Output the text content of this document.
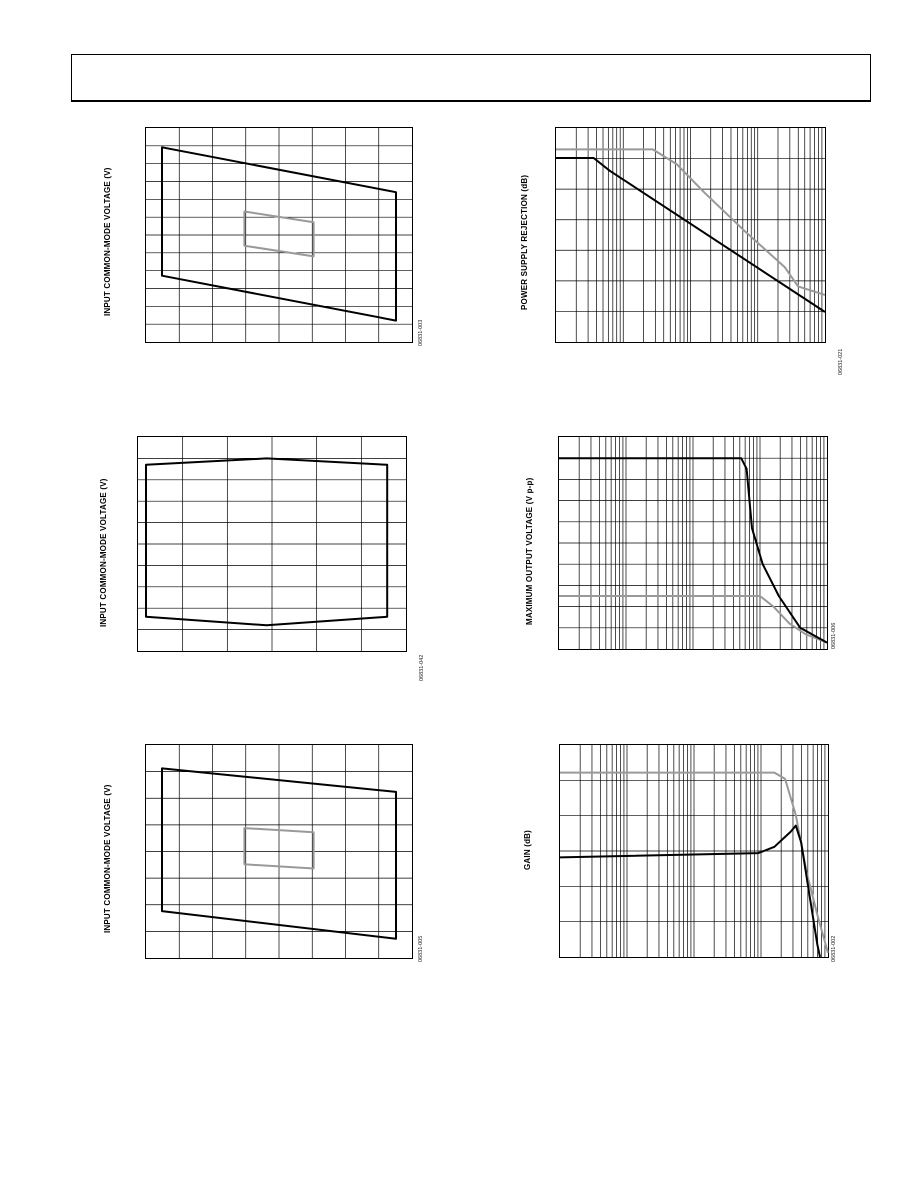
INPUT COMMON-MODE VOLTAGE (V)
06831-003
INPUT COMMON-MODE VOLTAGE (V)
06831-042
INPUT COMMON-MODE VOLTAGE (V)
06831-005
POWER SUPPLY REJECTION (dB)
06831-021
MAXIMUM OUTPUT VOLTAGE (V p-p)
06831-006
GAIN (dB)
06831-002
